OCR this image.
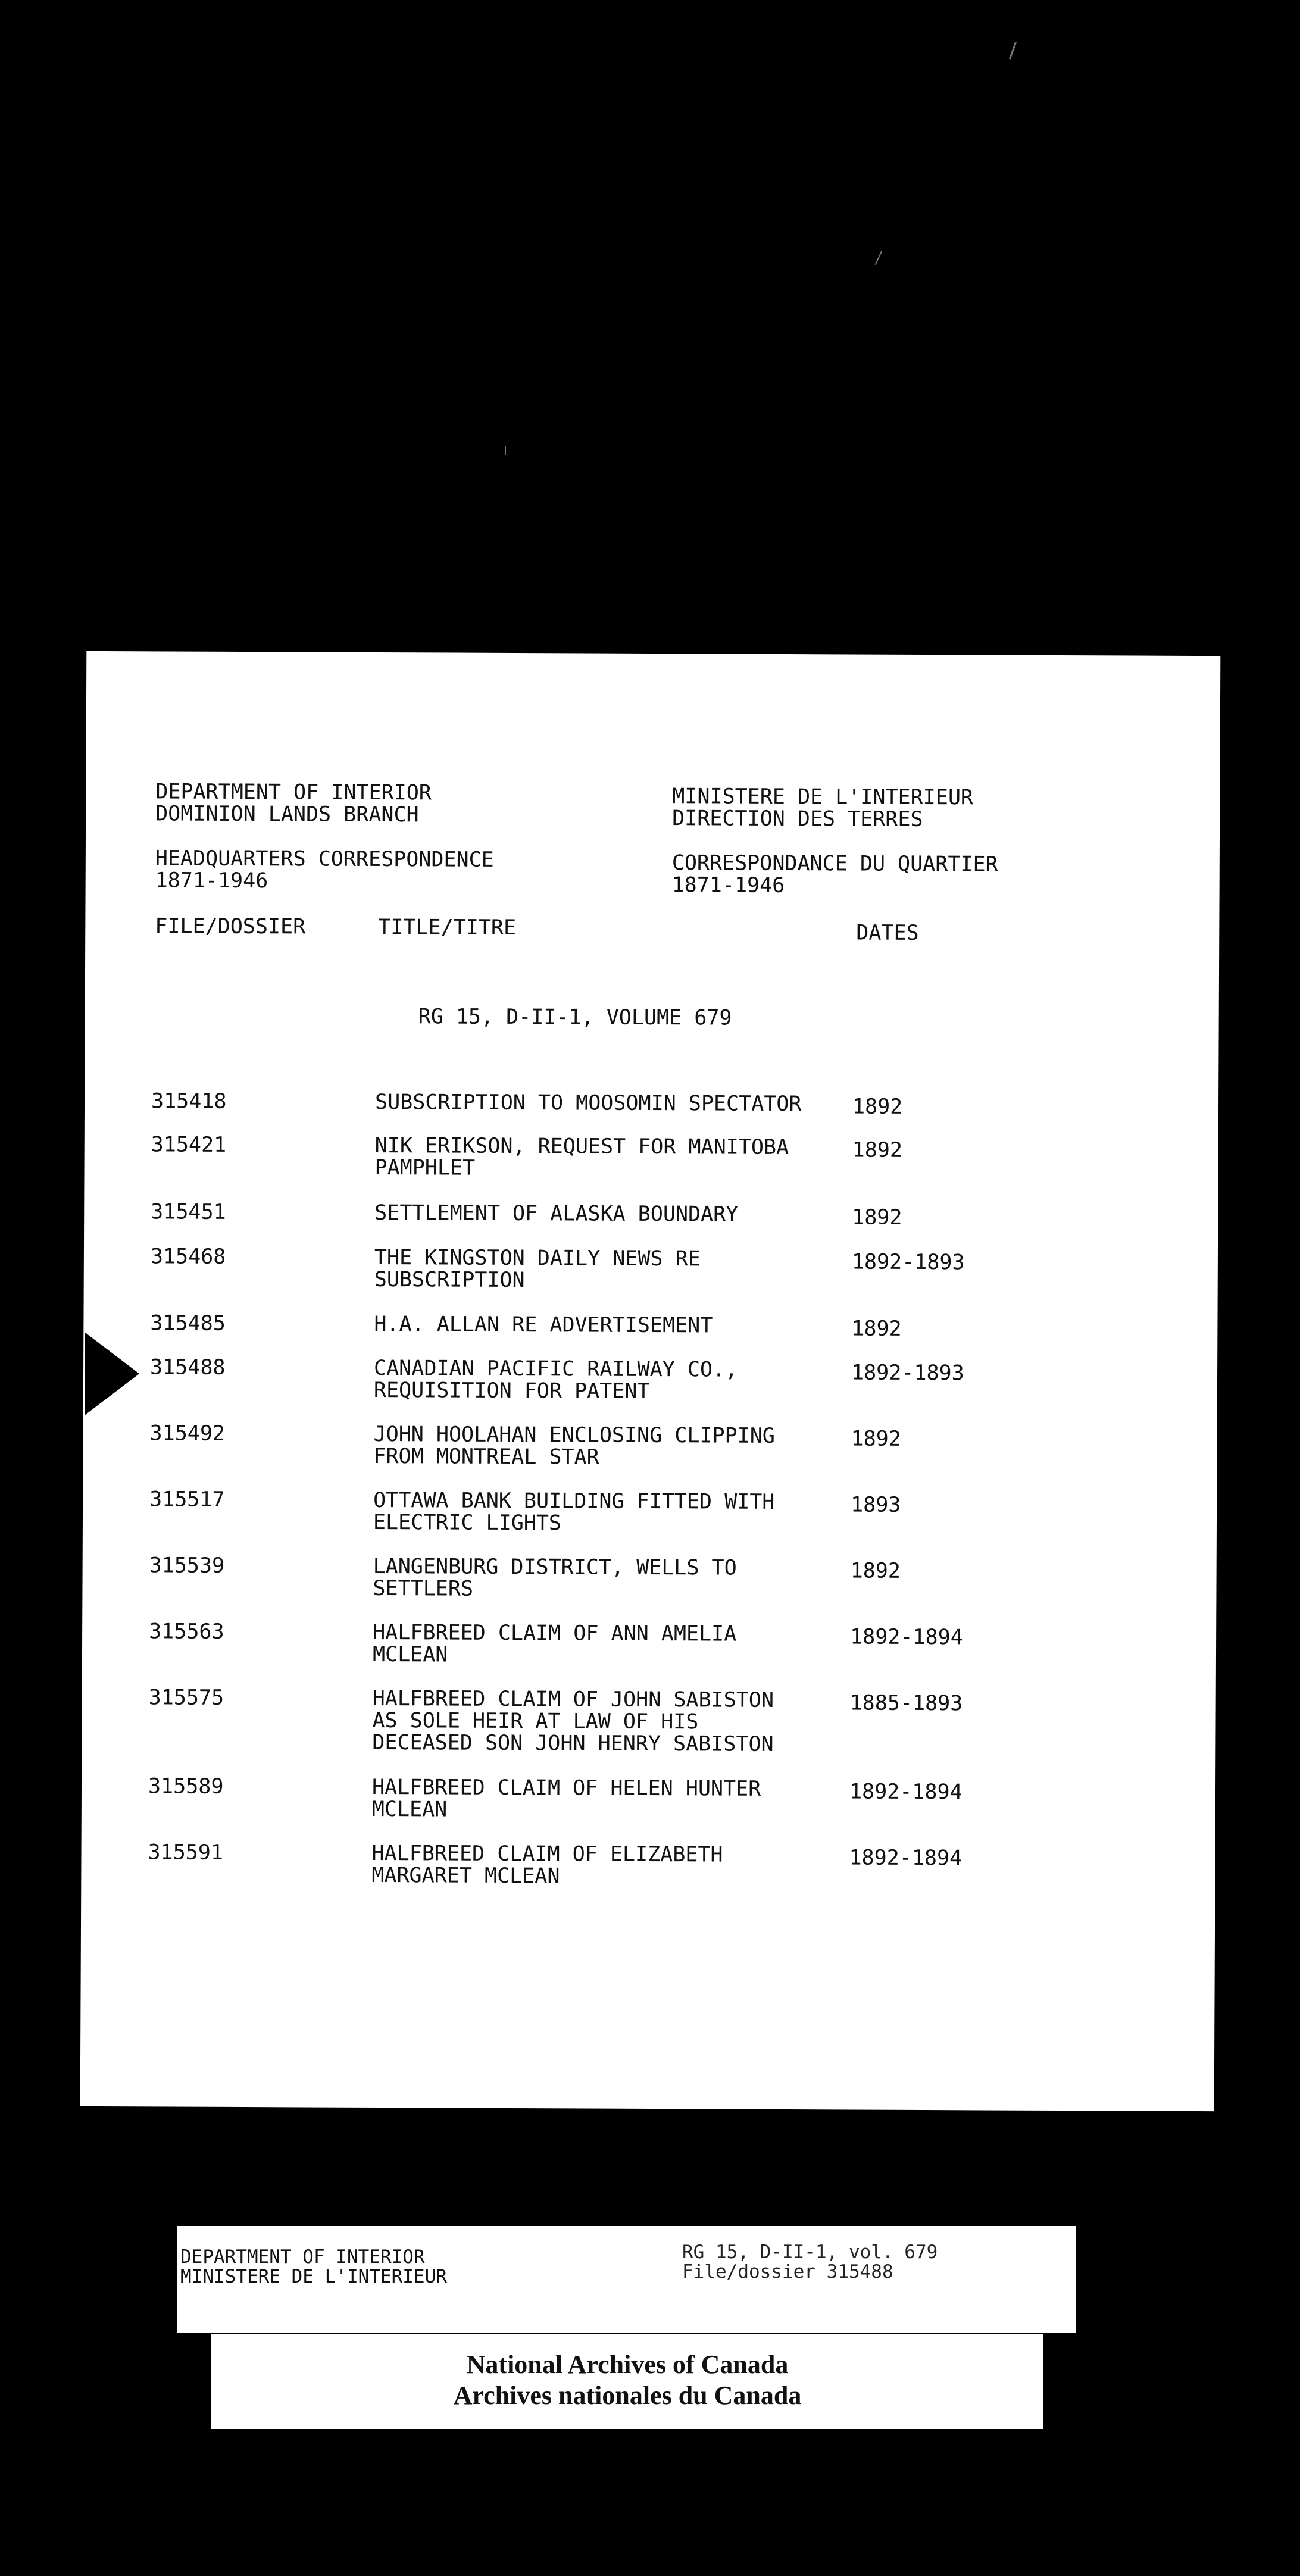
DEPARTMENT OF INTERIOR
DOMINION LANDS BRANCH
MINISTERE DE L'INTERIEUR
DIRECTION DES TERRES
HEADQUARTERS CORRESPONDENCE
1871-1946
CORRESPONDANCE DU QUARTIER
1871-1946
FILE/DOSSIER	TITLE/TITRE	DATES
RG 15, D-II-1, VOLUME 679
315418	SUBSCRIPTION TO MOOSOMIN SPECTATOR	1892
315421	NIK ERIKSON, REQUEST FOR MANITOBA
PAMPHLET
1892
315451	SETTLEMENT OF ALASKA BOUNDARY	1892
315468	THE KINGSTON DAILY NEWS RE
SUBSCRIPTION
1892-1893
315485	H.A. ALLAN RE ADVERTISEMENT	1892
315488	CANADIAN PACIFIC RAILWAY CO.,
REQUISITION FOR PATENT
1892-1893
315492	JOHN HOOLAHAN ENCLOSING CLIPPING
FROM MONTREAL STAR
1892
315517	OTTAWA BANK BUILDING FITTED WITH
ELECTRIC LIGHTS
1893
315539	LANGENBURG DISTRICT, WELLS TO
SETTLERS
1892
315563	HALFBREED CLAIM OF ANN AMELIA
MCLEAN
1892-1894
315575	HALFBREED CLAIM OF JOHN SABISTON
AS SOLE HEIR AT LAW OF HIS
DECEASED SON JOHN HENRY SABISTON
1885-1893
315589	HALFBREED CLAIM OF HELEN HUNTER
MCLEAN
1892-1894
315591	HALFBREED CLAIM OF ELIZABETH
MARGARET MCLEAN
1892-1894
DEPARTMENT OF INTERIOR
MINISTERE DE L'INTERIEUR
RG 15, D-II-1, vol. 679
File/dossier 315488
National Archives of Canada
Archives nationales du Canada
